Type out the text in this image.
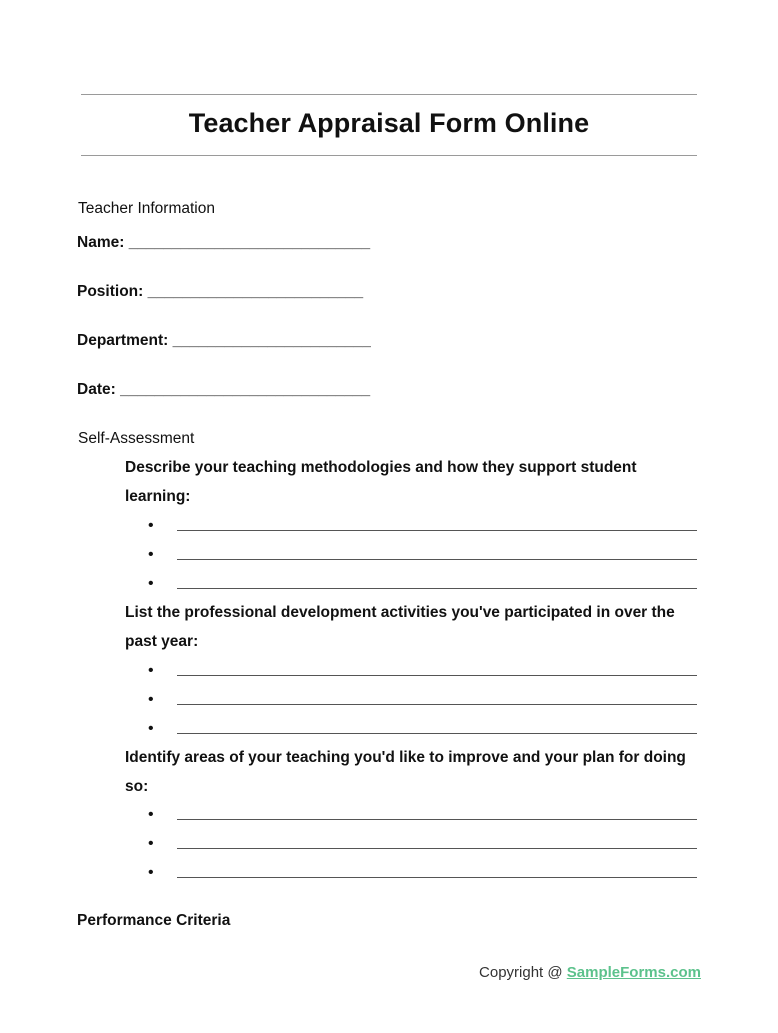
Teacher Appraisal Form Online
Teacher Information
Name: ____________________________
Position: _________________________
Department: _______________________
Date: _____________________________
Self-Assessment
Describe your teaching methodologies and how they support student learning:
•
•
•
List the professional development activities you've participated in over the past year:
•
•
•
Identify areas of your teaching you'd like to improve and your plan for doing so:
•
•
•
Performance Criteria
Copyright @ SampleForms.com
